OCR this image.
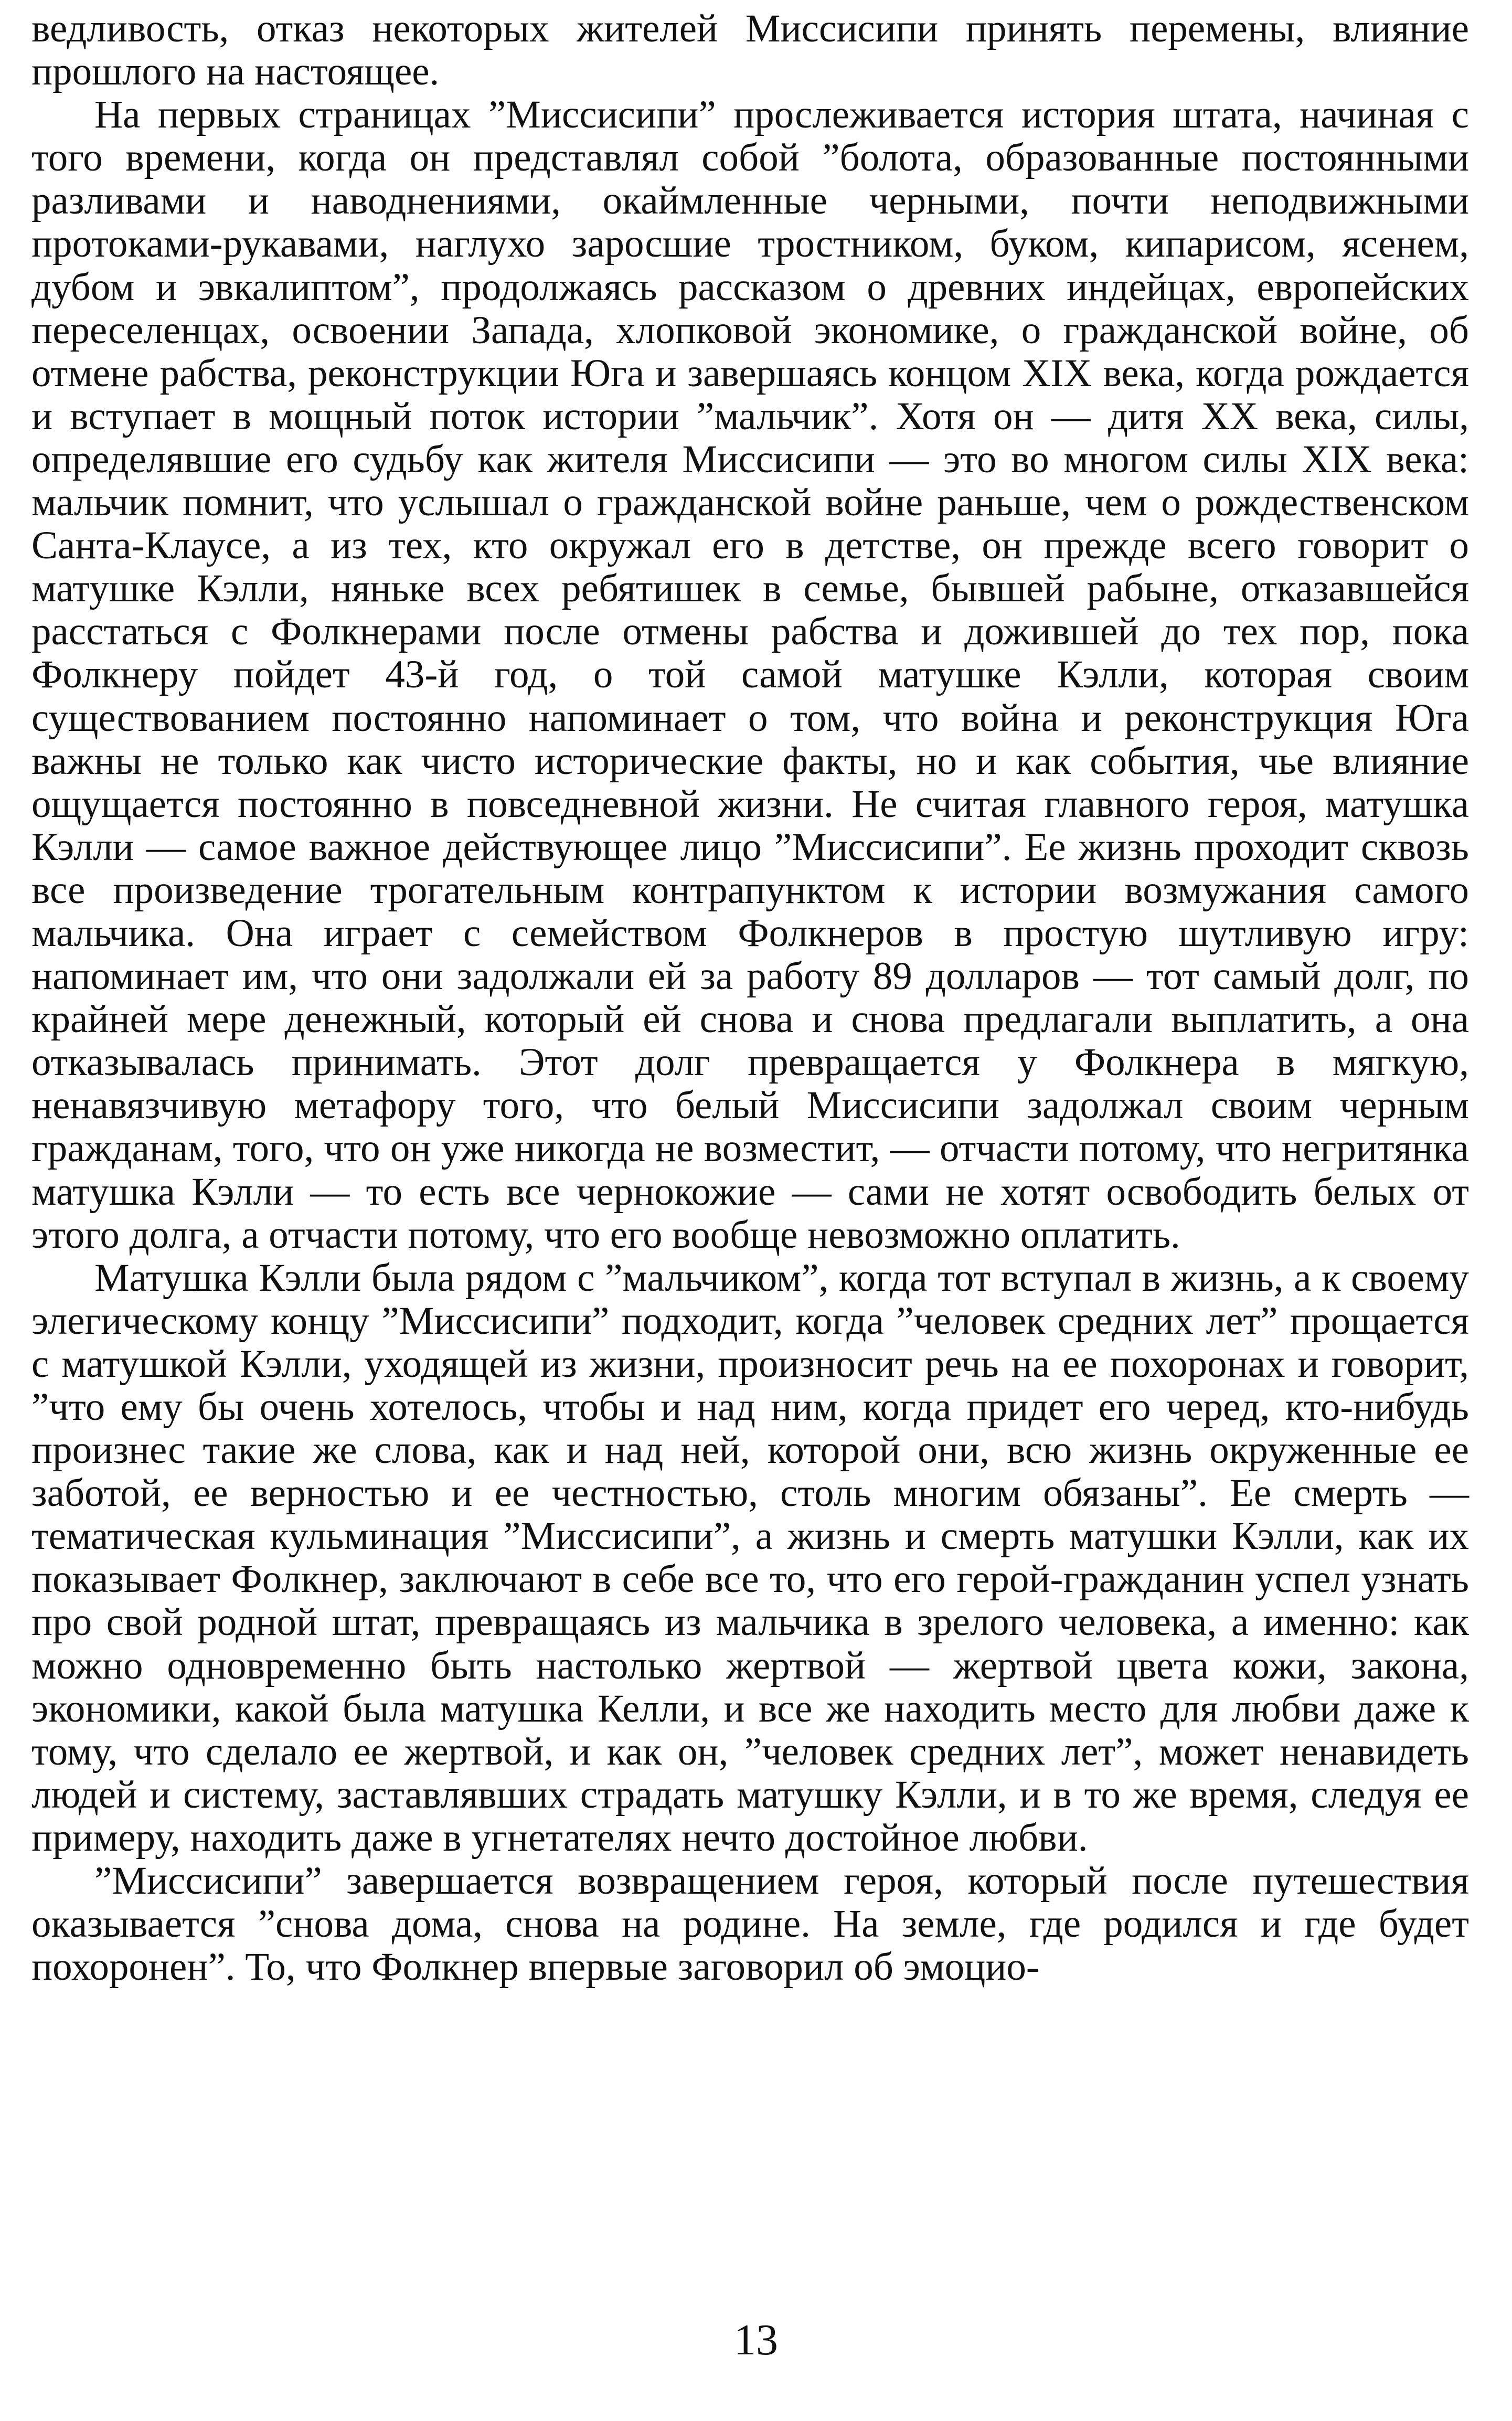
ведливость, отказ некоторых жителей Миссисипи принять перемены, влияние прошлого на настоящее.

На первых страницах ”Миссисипи” прослеживается история штата, начиная с того времени, когда он представлял собой ”болота, образованные постоянными разливами и наводнениями, окаймленные черными, почти неподвижными протоками-рукавами, наглухо заросшие тростником, буком, кипарисом, ясенем, дубом и эвкалиптом”, продолжаясь рассказом о древних индейцах, европейских переселенцах, освоении Запада, хлопковой экономике, о гражданской войне, об отмене рабства, реконструкции Юга и завершаясь концом XIX века, когда рождается и вступает в мощный поток истории ”мальчик”. Хотя он — дитя XX века, силы, определявшие его судьбу как жителя Миссисипи — это во многом силы XIX века: мальчик помнит, что услышал о гражданской войне раньше, чем о рождественском Санта-Клаусе, а из тех, кто окружал его в детстве, он прежде всего говорит о матушке Кэлли, няньке всех ребятишек в семье, бывшей рабыне, отказавшейся расстаться с Фолкнерами после отмены рабства и дожившей до тех пор, пока Фолкнеру пойдет 43-й год, о той самой матушке Кэлли, которая своим существованием постоянно напоминает о том, что война и реконструкция Юга важны не только как чисто исторические факты, но и как события, чье влияние ощущается постоянно в повседневной жизни. Не считая главного героя, матушка Кэлли — самое важное действующее лицо ”Миссисипи”. Ее жизнь проходит сквозь все произведение трогательным контрапунктом к истории возмужания самого мальчика. Она играет с семейством Фолкнеров в простую шутливую игру: напоминает им, что они задолжали ей за работу 89 долларов — тот самый долг, по крайней мере денежный, который ей снова и снова предлагали выплатить, а она отказывалась принимать. Этот долг превращается у Фолкнера в мягкую, ненавязчивую метафору того, что белый Миссисипи задолжал своим черным гражданам, того, что он уже никогда не возместит, — отчасти потому, что негритянка матушка Кэлли — то есть все чернокожие — сами не хотят освободить белых от этого долга, а отчасти потому, что его вообще невозможно оплатить.

Матушка Кэлли была рядом с ”мальчиком”, когда тот вступал в жизнь, а к своему элегическому концу ”Миссисипи” подходит, когда ”человек средних лет” прощается с матушкой Кэлли, уходящей из жизни, произносит речь на ее похоронах и говорит, ”что ему бы очень хотелось, чтобы и над ним, когда придет его черед, кто-нибудь произнес такие же слова, как и над ней, которой они, всю жизнь окруженные ее заботой, ее верностью и ее честностью, столь многим обязаны”. Ее смерть — тематическая кульминация ”Миссисипи”, а жизнь и смерть матушки Кэлли, как их показывает Фолкнер, заключают в себе все то, что его герой-гражданин успел узнать про свой родной штат, превращаясь из мальчика в зрелого человека, а именно: как можно одновременно быть настолько жертвой — жертвой цвета кожи, закона, экономики, какой была матушка Келли, и все же находить место для любви даже к тому, что сделало ее жертвой, и как он, ”человек средних лет”, может ненавидеть людей и систему, заставлявших страдать матушку Кэлли, и в то же время, следуя ее примеру, находить даже в угнетателях нечто достойное любви.

”Миссисипи” завершается возвращением героя, который после путешествия оказывается ”снова дома, снова на родине. На земле, где родился и где будет похоронен”. То, что Фолкнер впервые заговорил об эмоцио-

13
